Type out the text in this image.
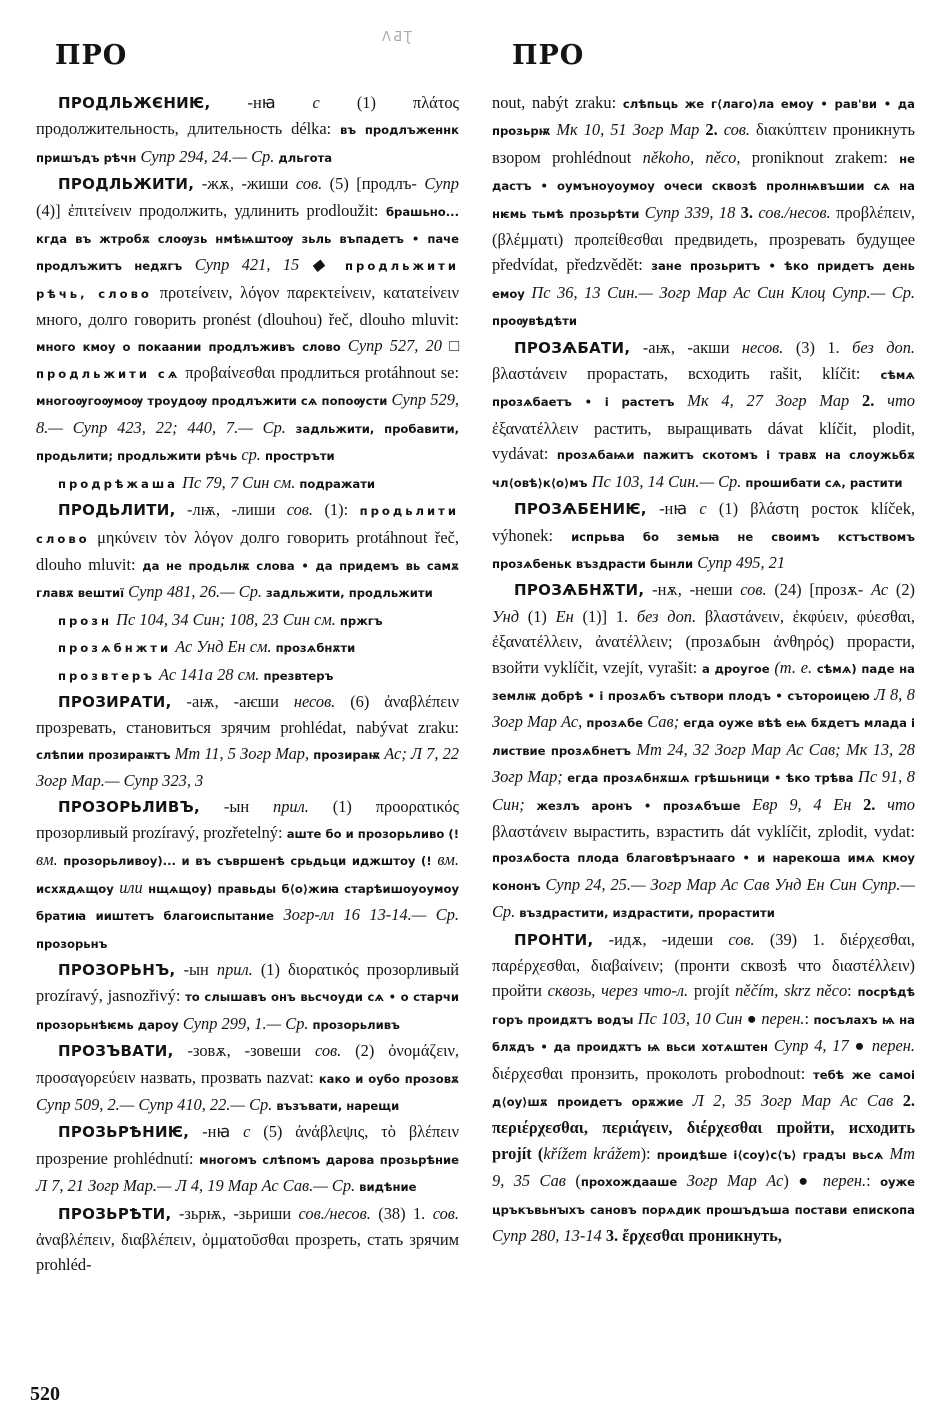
ПРО
ɅƋƮ
ПРО

ПРОДЛЬЖЄНИѤ, -нꙗ с (1) πλάτος продолжительность, длительность délka: въ продлъженнк пришъдъ рѣчн Супр 294, 24.— Ср. дльгота

ПРОДЛЬЖИТИ, -жѫ, -жиши сов. (5) [продлъ- Супр (4)] ἐπιτείνειν продолжить, удлинить prodloužit: брашьно... кгда въ жтробѫ слоѹзь нмѣѩштоѹ зьль въпадетъ • паче продлъжитъ недѫгъ Супр 421, 15 ◆ продльжити рѣчь, слово προτείνειν, λόγον παρεκτείνειν, κατατείνειν много, долго говорить pronést (dlouhou) řeč, dlouho mluvit: много кмоу о покаании продлъживъ слово Супр 527, 20 □ продльжити сѧ προβαίνεσθαι продлиться protáhnout se: многоѹгоѹмоѹ троудоѹ продлъжити сѧ попоѹсти Супр 529, 8.— Супр 423, 22; 440, 7.— Ср. задльжити, пробавити, продьлити; продльжити рѣчь ср. простръти

продрѣжаша Пс 79, 7 Син см. подражати

ПРОДЬЛИТИ, -лѭ, -лиши сов. (1): продьлити слово μηκύνειν τὸν λόγον долго говорить protáhnout řeč, dlouho mluvit: да не продьлѭ слова • да придемъ вь самѫ главѫ вештиї Супр 481, 26.— Ср. задльжити, продльжити

прозн Пс 104, 34 Син; 108, 23 Син см. пржгъ

прозѧбнжти Ас Унд Ен см. прозѧбнѫти

прозвтеръ Ас 141а 28 см. презвтеръ

ПРОЗИРАТИ, -аѭ, -аѥши несов. (6) ἀναβλέπειν прозревать, становиться зрячим prohlédat, nabývat zraku: слѣпии прозираѭтъ Мт 11, 5 Зогр Мар, прозираѭ Ас; Л 7, 22 Зогр Мар.— Супр 323, 3

ПРОЗОРЬЛИВЪ, -ын прил. (1) προορατικός прозорливый prozíravý, prozřetelný: аште бо и прозорьливо (! вм. прозорьливоу)... и въ съвршенѣ срьдьци иджштоу (! вм. исхѫдѧщоу или нщѧщоу) правьды б⟨о⟩жиꙗ старѣишоуоумоу братиꙗ ииштетъ благоиспытание Зогр-лл 16 13-14.— Ср. прозорьнъ

ПРОЗОРЬНЪ, -ын прил. (1) διορατικός прозорливый prozíravý, jasnozřivý: то слышавъ онъ вьсчоуди сѧ • о старчи прозорьнѣѥмь дароу Супр 299, 1.— Ср. прозорьливъ

ПРОЗЪВАТИ, -зовѫ, -зовеши сов. (2) ὀνομάζειν, προσαγορεύειν назвать, прозвать nazvat: како и оубо прозовѫ Супр 509, 2.— Супр 410, 22.— Ср. възъвати, нарещи

ПРОЗЬРѢНИѤ, -нꙗ с (5) ἀνάβλεψις, τὸ βλέπειν прозрение prohlédnutí: многомъ слѣпомъ дарова прозьрѣние Л 7, 21 Зогр Мар.— Л 4, 19 Мар Ас Сав.— Ср. видѣние

ПРОЗЬРѢТИ, -зьрѭ, -зьриши сов./несов. (38) 1. сов. ἀναβλέπειν, διαβλέπειν, ὀμματοῦσθαι прозреть, стать зрячим prohléd-

nout, nabýt zraku: слѣпьць же г⟨лаго⟩ла емоу • рав'ви • да прозьрѭ Мк 10, 51 Зогр Мар 2. сов. διακύπτειν проникнуть взором prohlédnout někoho, něco, proniknout zrakem: не дастъ • оумъноуоумоу очеси сквозѣ пролнѩвъшии сѧ на нѥмь тьмѣ прозьрѣти Супр 339, 18 3. сов./несов. προβλέπειν, (βλέμματι) προπείθεσθαι предвидеть, прозревать будущее předvídat, předzvědět: зане прозьритъ • ѣко придетъ день емоу Пс 36, 13 Син.— Зогр Мар Ас Син Клоц Супр.— Ср. проѹвѣдѣти

ПРОЗѦБАТИ, -аѭ, -акши несов. (3) 1. без доп. βλαστάνειν прорастать, всходить rašit, klíčit: сѣмѧ прозѧбаетъ • і растетъ Мк 4, 27 Зогр Мар 2. что ἐξανατέλλειν растить, выращивать dávat klíčit, plodit, vydávat: прозѧбаѩи пажитъ скотомъ і травѫ на слоужьбѫ чл⟨овѣ⟩к⟨о⟩мъ Пс 103, 14 Син.— Ср. прошибати сѧ, растити

ПРОЗѦБЕНИѤ, -нꙗ с (1) βλάστη росток klíček, výhonek: испрьва бо земьꙗ не своимъ кстъствомъ прозѧбеньк въздрасти бынли Супр 495, 21

ПРОЗѦБНѪТИ, -нѫ, -неши сов. (24) [прозѫ- Ас (2) Унд (1) Ен (1)] 1. без доп. βλαστάνειν, ἐκφύειν, φύεσθαι, ἐξανατέλλειν, ἀνατέλλειν; (прозѧбын ἀνθηρός) прорасти, взойти vyklíčit, vzejít, vyrašit: а дроугое (т. е. сѣмѧ) паде на землѭ добрѣ • і прозѧбъ сътвори плодъ • сътороицею Л 8, 8 Зогр Мар Ас, прозѧбе Сав; егда оуже вѣѣ еѩ бѫдетъ млада і листвие прозѧбнетъ Мт 24, 32 Зогр Мар Ас Сав; Мк 13, 28 Зогр Мар; егда прозѧбнѫшѧ грѣшьници • ѣко трѣва Пс 91, 8 Син; жезлъ аронъ • прозѧбъше Евр 9, 4 Ен 2. что βλαστάνειν вырастить, взрастить dát vyklíčit, zplodit, vydat: прозѧбоста плода благовѣрънааго • и нарекоша имѧ кмоу кононъ Супр 24, 25.— Зогр Мар Ас Сав Унд Ен Син Супр.— Ср. въздрастити, издрастити, прорастити

ПРОНТИ, -идѫ, -идеши сов. (39) 1. διέρχεσθαι, παρέρχεσθαι, διαβαίνειν; (пронти сквозѣ что διαστέλλειν) пройти сквозь, через что-л. projít něčím, skrz něco: посрѣдѣ горъ проидѫтъ водꙑ Пс 103, 10 Син ● перен.: посълахъ ѩ на блѫдъ • да проидѫтъ ѩ вьси хотѧштен Супр 4, 17 ● перен. διέρχεσθαι пронзить, проколоть probodnout: тебѣ же самоі д⟨оу⟩шѫ проидетъ орѫжие Л 2, 35 Зогр Мар Ас Сав 2. περιέρχεσθαι, περιάγειν, διέρχεσθαι пройти, исходить projít (křížem krážem): проидѣше і⟨соу⟩с⟨ъ⟩ градꙑ вьсѧ Мт 9, 35 Сав (прохождааше Зогр Мар Ас) ● перен.: оуже цръкъвьнꙑхъ сановъ порѧдик прошъдъша постави епископа Супр 280, 13-14 3. ἔρχεσθαι проникнуть,

520
